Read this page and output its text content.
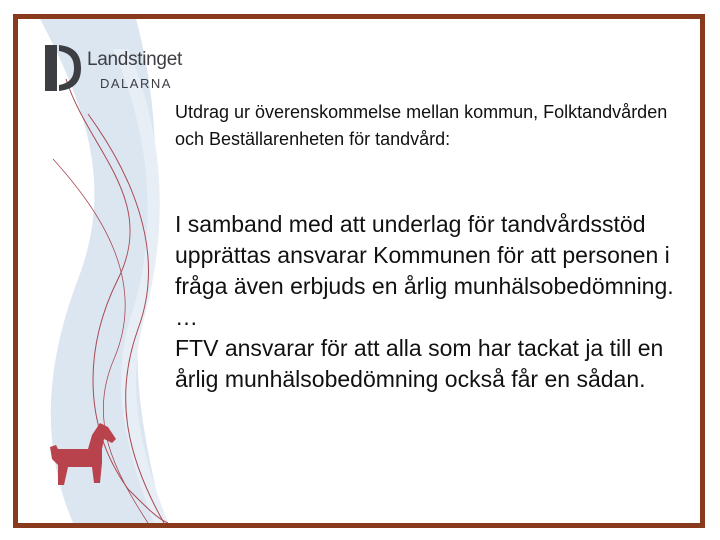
Landstinget
DALARNA
Utdrag ur överenskommelse mellan kommun, Folktandvården och Beställarenheten för tandvård:

I samband med att underlag för tandvårdsstöd upprättas ansvarar Kommunen för att personen i fråga även erbjuds en årlig munhälsobedömning.

…

FTV ansvarar för att alla som har tackat ja till en årlig munhälsobedömning också får en sådan.
